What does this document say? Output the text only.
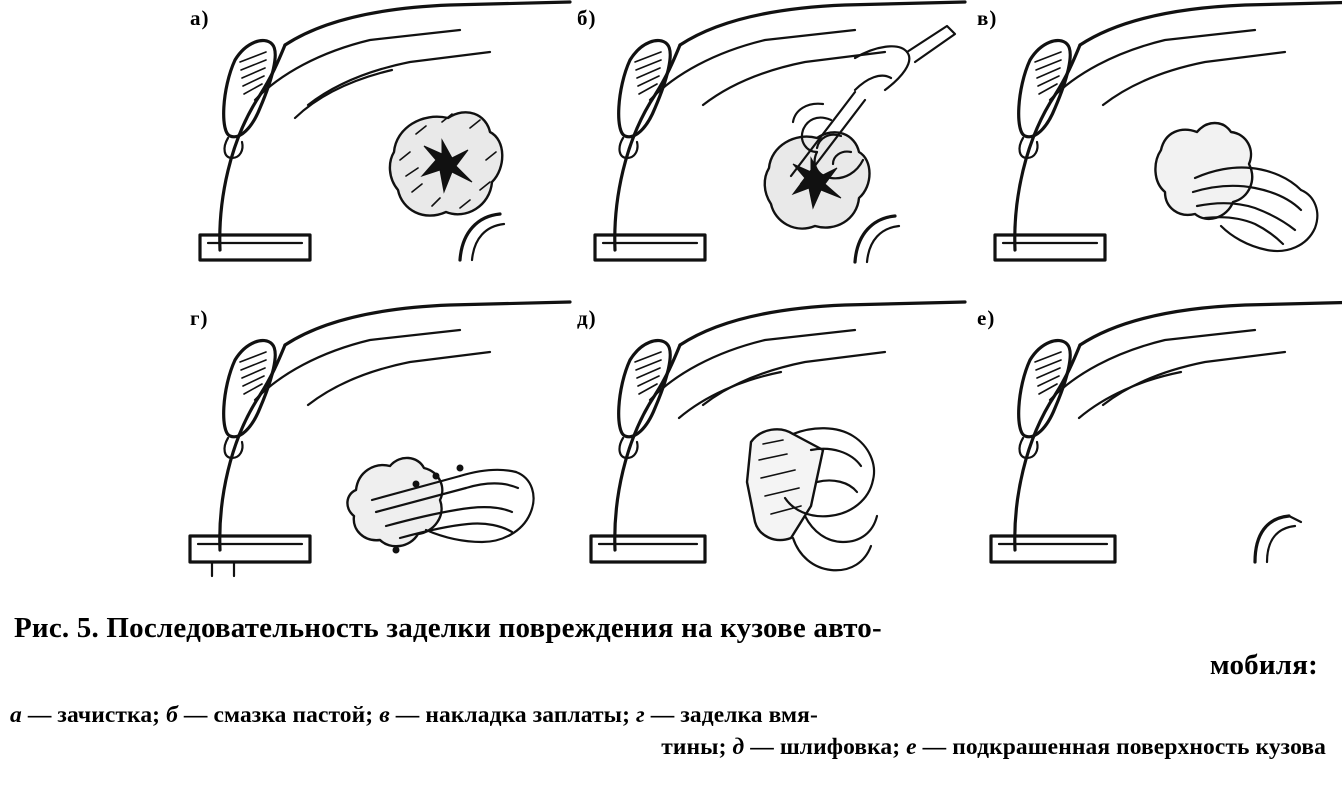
а)	б)	в)
г)	д)	е)
Рис. 5. Последовательность заделки повреждения на кузове авто-
мобиля:
а — зачистка; б — смазка пастой; в — накладка заплаты; г — заделка вмя-
тины; д — шлифовка; е — подкрашенная поверхность кузова
